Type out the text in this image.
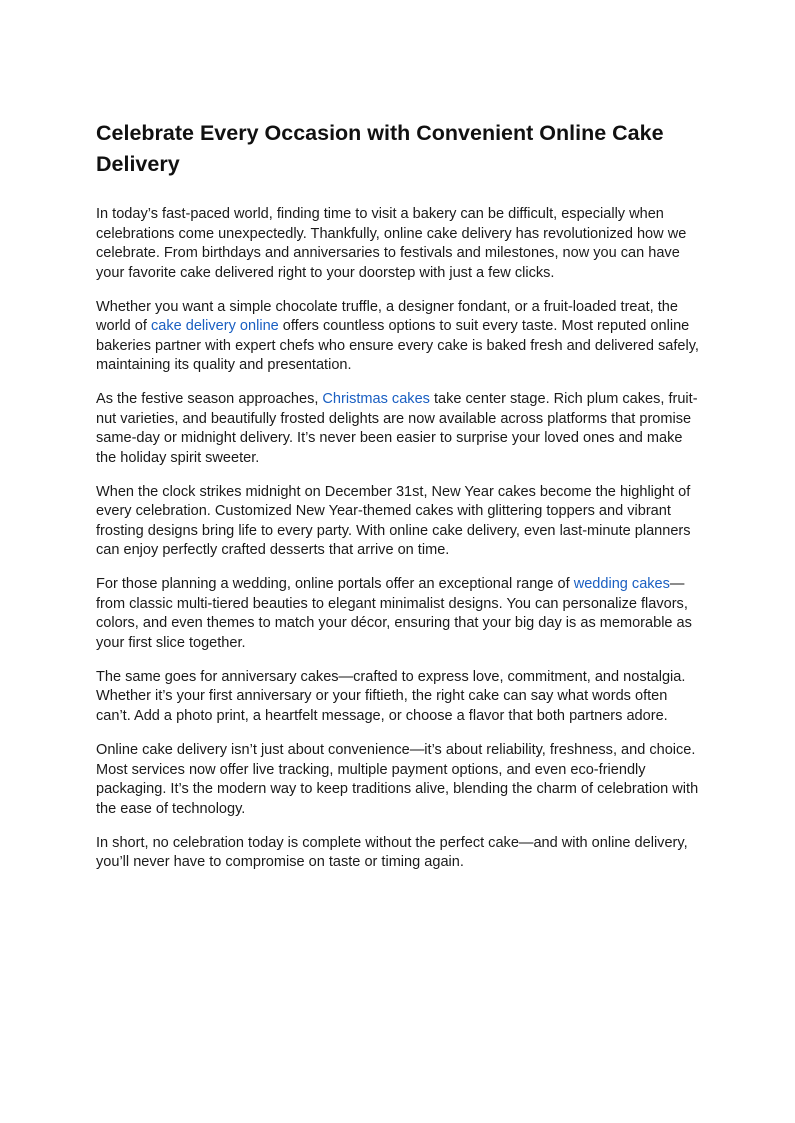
Celebrate Every Occasion with Convenient Online Cake Delivery

In today’s fast-paced world, finding time to visit a bakery can be difficult, especially when celebrations come unexpectedly. Thankfully, online cake delivery has revolutionized how we celebrate. From birthdays and anniversaries to festivals and milestones, now you can have your favorite cake delivered right to your doorstep with just a few clicks.

Whether you want a simple chocolate truffle, a designer fondant, or a fruit-loaded treat, the world of cake delivery online offers countless options to suit every taste. Most reputed online bakeries partner with expert chefs who ensure every cake is baked fresh and delivered safely, maintaining its quality and presentation.

As the festive season approaches, Christmas cakes take center stage. Rich plum cakes, fruit-nut varieties, and beautifully frosted delights are now available across platforms that promise same-day or midnight delivery. It’s never been easier to surprise your loved ones and make the holiday spirit sweeter.

When the clock strikes midnight on December 31st, New Year cakes become the highlight of every celebration. Customized New Year-themed cakes with glittering toppers and vibrant frosting designs bring life to every party. With online cake delivery, even last-minute planners can enjoy perfectly crafted desserts that arrive on time.

For those planning a wedding, online portals offer an exceptional range of wedding cakes—from classic multi-tiered beauties to elegant minimalist designs. You can personalize flavors, colors, and even themes to match your décor, ensuring that your big day is as memorable as your first slice together.

The same goes for anniversary cakes—crafted to express love, commitment, and nostalgia. Whether it’s your first anniversary or your fiftieth, the right cake can say what words often can’t. Add a photo print, a heartfelt message, or choose a flavor that both partners adore.

Online cake delivery isn’t just about convenience—it’s about reliability, freshness, and choice. Most services now offer live tracking, multiple payment options, and even eco-friendly packaging. It’s the modern way to keep traditions alive, blending the charm of celebration with the ease of technology.

In short, no celebration today is complete without the perfect cake—and with online delivery, you’ll never have to compromise on taste or timing again.
